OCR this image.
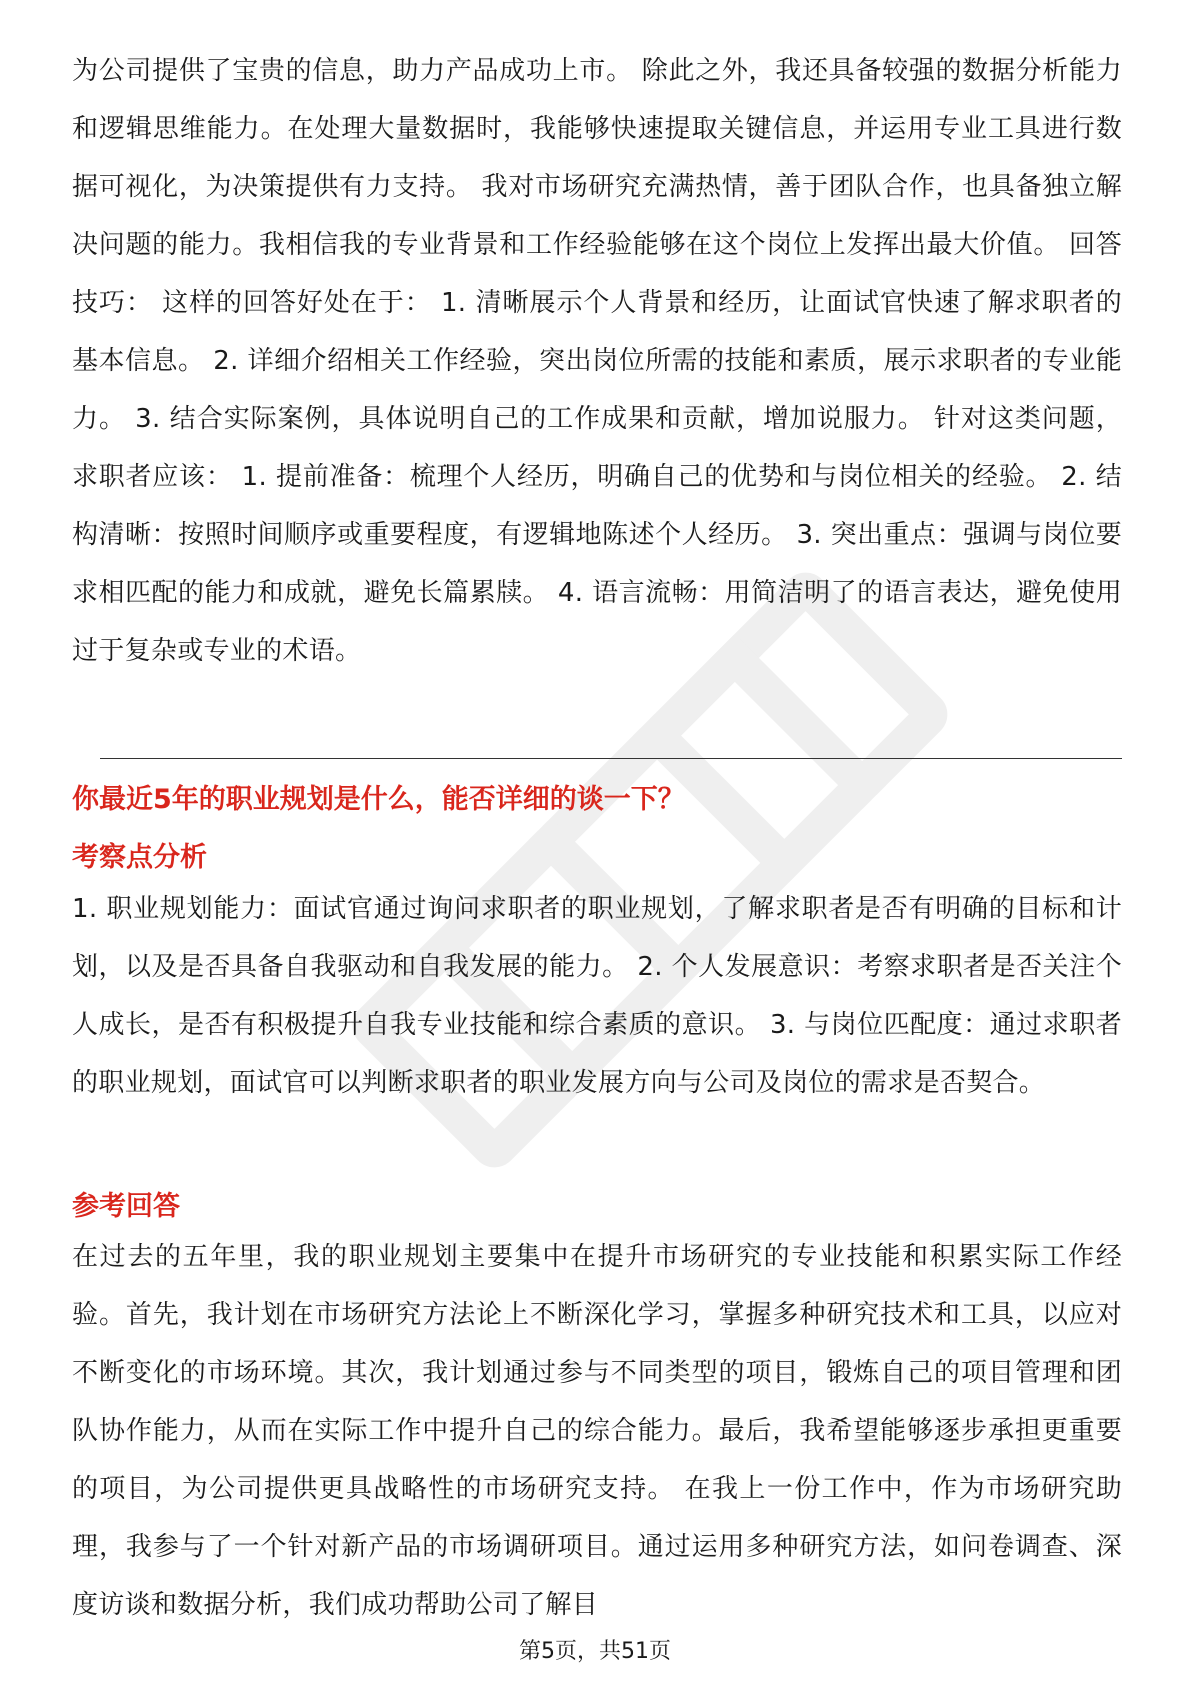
为公司提供了宝贵的信息，助力产品成功上市。 除此之外，我还具备较强的数据分析能力和逻辑思维能力。在处理大量数据时，我能够快速提取关键信息，并运用专业工具进行数据可视化，为决策提供有力支持。 我对市场研究充满热情，善于团队合作，也具备独立解决问题的能力。我相信我的专业背景和工作经验能够在这个岗位上发挥出最大价值。 回答技巧： 这样的回答好处在于： 1. 清晰展示个人背景和经历，让面试官快速了解求职者的基本信息。 2. 详细介绍相关工作经验，突出岗位所需的技能和素质，展示求职者的专业能力。 3. 结合实际案例，具体说明自己的工作成果和贡献，增加说服力。 针对这类问题，求职者应该： 1. 提前准备：梳理个人经历，明确自己的优势和与岗位相关的经验。 2. 结构清晰：按照时间顺序或重要程度，有逻辑地陈述个人经历。 3. 突出重点：强调与岗位要求相匹配的能力和成就，避免长篇累牍。 4. 语言流畅：用简洁明了的语言表达，避免使用过于复杂或专业的术语。
你最近5年的职业规划是什么，能否详细的谈一下？
考察点分析
1. 职业规划能力：面试官通过询问求职者的职业规划，了解求职者是否有明确的目标和计划，以及是否具备自我驱动和自我发展的能力。 2. 个人发展意识：考察求职者是否关注个人成长，是否有积极提升自我专业技能和综合素质的意识。 3. 与岗位匹配度：通过求职者的职业规划，面试官可以判断求职者的职业发展方向与公司及岗位的需求是否契合。
参考回答
在过去的五年里，我的职业规划主要集中在提升市场研究的专业技能和积累实际工作经验。首先，我计划在市场研究方法论上不断深化学习，掌握多种研究技术和工具，以应对不断变化的市场环境。其次，我计划通过参与不同类型的项目，锻炼自己的项目管理和团队协作能力，从而在实际工作中提升自己的综合能力。最后，我希望能够逐步承担更重要的项目，为公司提供更具战略性的市场研究支持。 在我上一份工作中，作为市场研究助理，我参与了一个针对新产品的市场调研项目。通过运用多种研究方法，如问卷调查、深度访谈和数据分析，我们成功帮助公司了解目
第5页，共51页
